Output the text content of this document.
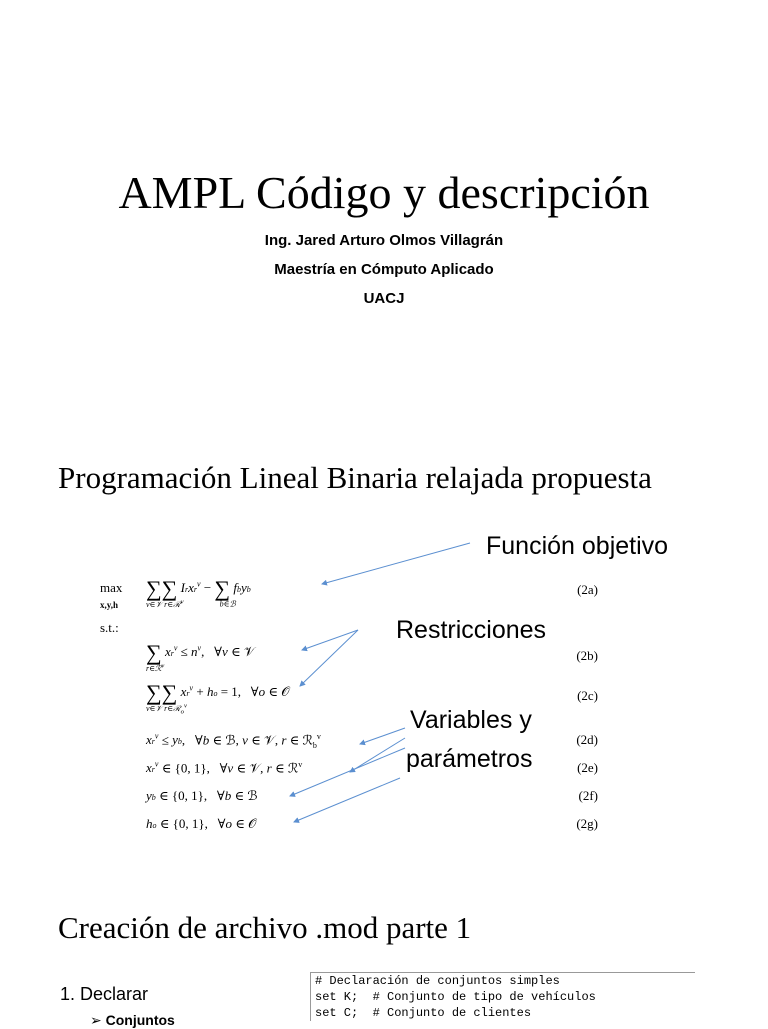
AMPL Código y descripción
Ing. Jared Arturo Olmos Villagrán
Maestría en Cómputo Aplicado
UACJ
Programación Lineal Binaria relajada propuesta
Función objetivo
Restricciones
Variables y
parámetros
max
x,y,h
∑∑ Irxr$^v$ − ∑ fbyb
v∈𝒱 r∈ℛ$^v$	b∈ℬ
(2a)
s.t.:
∑ $xr^v \le n^v$,   ∀v ∈ 𝒱
r∈ℛ$^v$
(2b)
∑∑ $xr^v$ + ho = 1,   ∀o ∈ 𝒪
v∈𝒱 r∈ℛ$_o^v$
(2c)
$xr^v$ ≤ yb,   ∀b ∈ ℬ, v ∈ 𝒱, r ∈ ℛ$_b^v$	(2d)
$xr^v$ ∈ {0, 1},   ∀v ∈ 𝒱, r ∈ ℛ$^v$	(2e)
yb ∈ {0, 1},   ∀b ∈ ℬ	(2f)
ho ∈ {0, 1},   ∀o ∈ 𝒪	(2g)
Creación de archivo .mod parte 1
1. Declarar
➢ Conjuntos
# Declaración de conjuntos simples
set K;  # Conjunto de tipo de vehículos
set C;  # Conjunto de clientes
